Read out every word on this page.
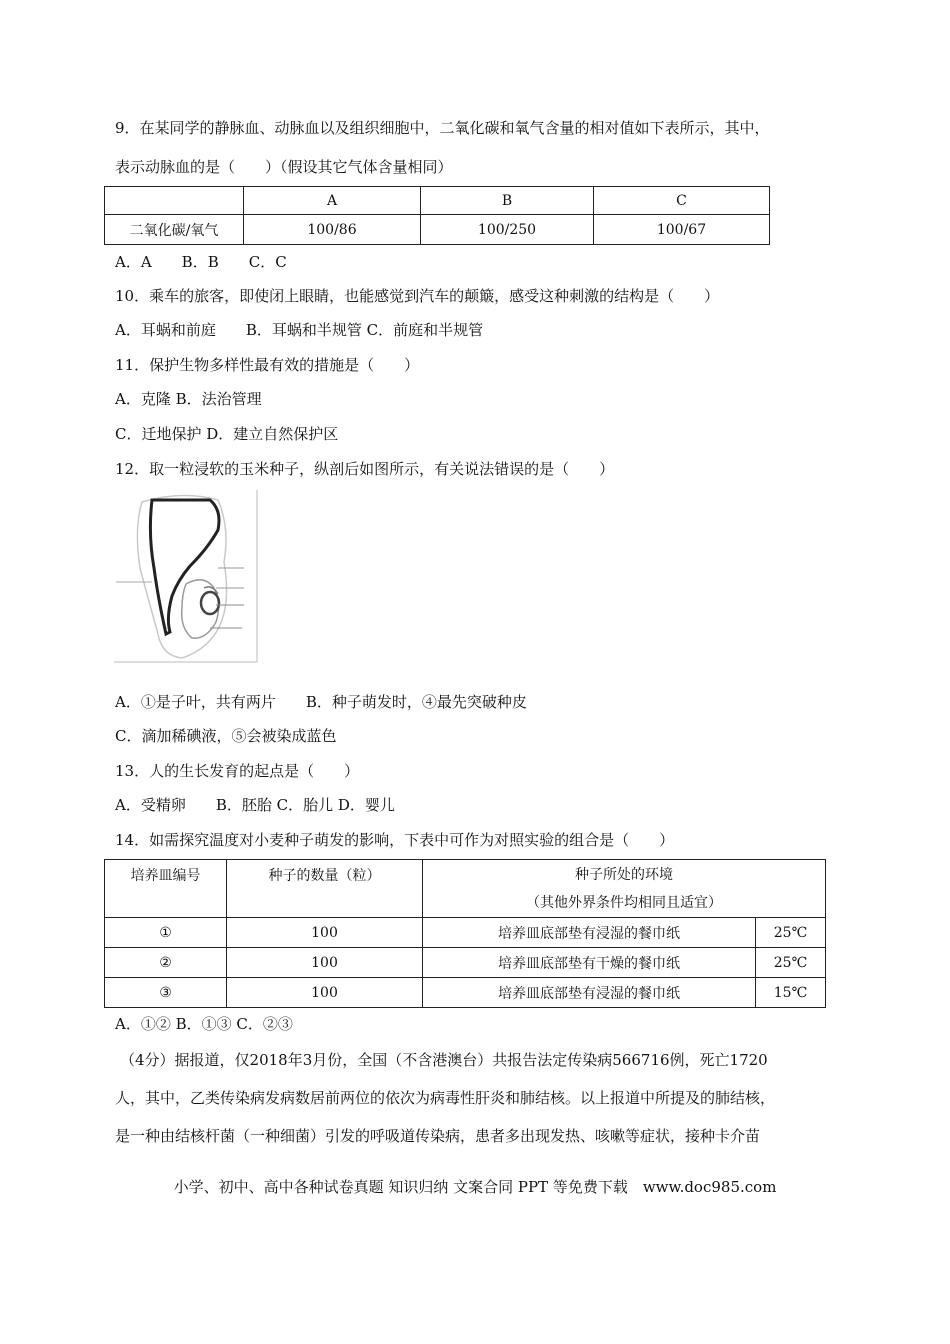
9．在某同学的静脉血、动脉血以及组织细胞中，二氧化碳和氧气含量的相对值如下表所示，其中，
表示动脉血的是（　　）（假设其它气体含量相同）
	A	B	C
二氧化碳/氧气	100/86	100/250	100/67
A．A　　B．B　　C．C
10．乘车的旅客，即使闭上眼睛，也能感觉到汽车的颠簸，感受这种刺激的结构是（　　）
A．耳蜗和前庭　　B．耳蜗和半规管 C．前庭和半规管
11．保护生物多样性最有效的措施是（　　）
A．克隆 B．法治管理
C．迁地保护 D．建立自然保护区
12．取一粒浸软的玉米种子，纵剖后如图所示，有关说法错误的是（　　）
A．①是子叶，共有两片　　B．种子萌发时，④最先突破种皮
C．滴加稀碘液，⑤会被染成蓝色
13．人的生长发育的起点是（　　）
A．受精卵　　B．胚胎 C．胎儿 D．婴儿
14．如需探究温度对小麦种子萌发的影响，下表中可作为对照实验的组合是（　　）
培养皿编号	种子的数量（粒）	种子所处的环境
（其他外界条件均相同且适宜）	

①	100	培养皿底部垫有浸湿的餐巾纸	25℃
②	100	培养皿底部垫有干燥的餐巾纸	25℃
③	100	培养皿底部垫有浸湿的餐巾纸	15℃
A．①② B．①③ C．②③
（4分）据报道，仅2018年3月份，全国（不含港澳台）共报告法定传染病566716例，死亡1720
人，其中，乙类传染病发病数居前两位的依次为病毒性肝炎和肺结核。以上报道中所提及的肺结核，
是一种由结核杆菌（一种细菌）引发的呼吸道传染病，患者多出现发热、咳嗽等症状，接种卡介苗
小学、初中、高中各种试卷真题 知识归纳 文案合同 PPT 等免费下载　www.doc985.com
